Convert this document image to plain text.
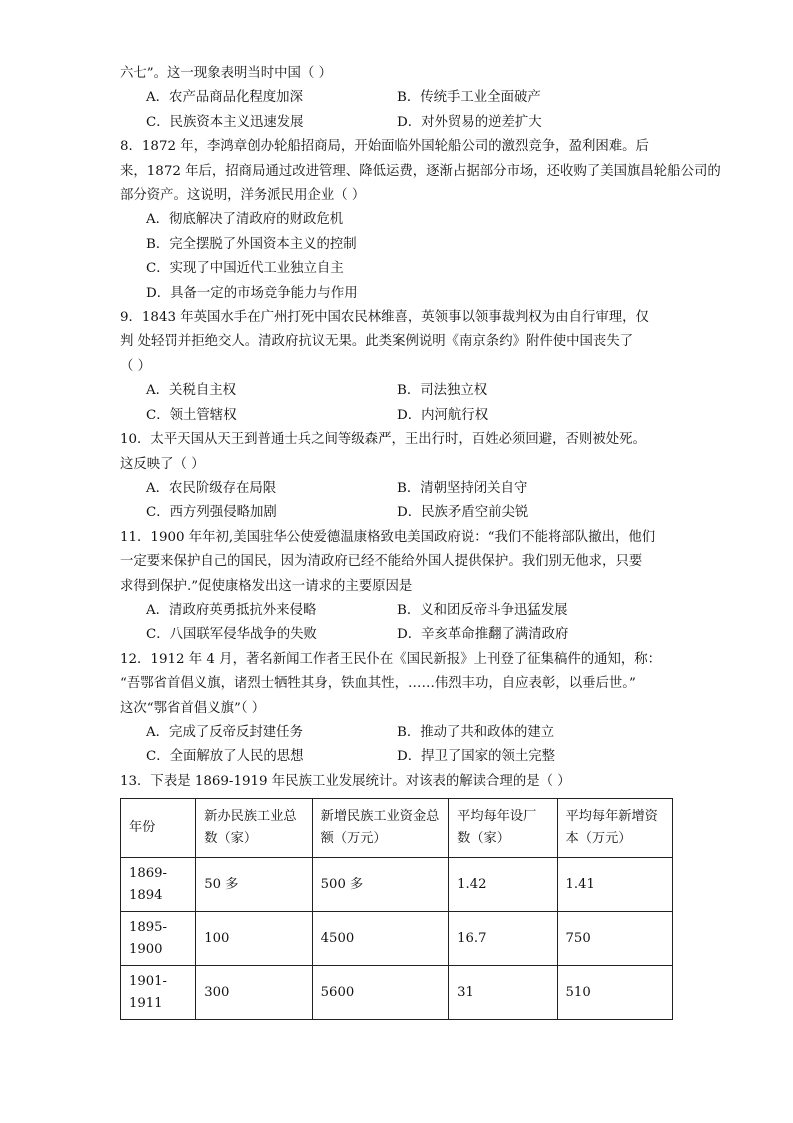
六七”。这一现象表明当时中国（ ）
A．农产品商品化程度加深	B．传统手工业全面破产
C．民族资本主义迅速发展	D．对外贸易的逆差扩大
8．1872 年，李鸿章创办轮船招商局，开始面临外国轮船公司的激烈竞争，盈利困难。后
来，1872 年后，招商局通过改进管理、降低运费，逐渐占据部分市场，还收购了美国旗昌轮船公司的
部分资产。这说明，洋务派民用企业（ ）
A．彻底解决了清政府的财政危机
B．完全摆脱了外国资本主义的控制
C．实现了中国近代工业独立自主
D．具备一定的市场竞争能力与作用
9．1843 年英国水手在广州打死中国农民林维喜，英领事以领事裁判权为由自行审理，仅
判 处轻罚并拒绝交人。清政府抗议无果。此类案例说明《南京条约》附件使中国丧失了
（ ）
A．关税自主权	B．司法独立权
C．领土管辖权	D．内河航行权
10．太平天国从天王到普通士兵之间等级森严，王出行时，百姓必须回避，否则被处死。
这反映了（ ）
A．农民阶级存在局限	B．清朝坚持闭关自守
C．西方列强侵略加剧	D．民族矛盾空前尖锐
11．1900 年年初,美国驻华公使爱德温康格致电美国政府说：“我们不能将部队撤出，他们
一定要来保护自己的国民，因为清政府已经不能给外国人提供保护。我们别无他求，只要
求得到保护.”促使康格发出这一请求的主要原因是
A．清政府英勇抵抗外来侵略	B．义和团反帝斗争迅猛发展
C．八国联军侵华战争的失败	D．辛亥革命推翻了满清政府
12．1912 年 4 月，著名新闻工作者王民仆在《国民新报》上刊登了征集稿件的通知，称：
“吾鄂省首倡义旗，诸烈士牺牲其身，铁血其性，……伟烈丰功，自应表彰，以垂后世。”
这次“鄂省首倡义旗”（ ）
A．完成了反帝反封建任务	B．推动了共和政体的建立
C．全面解放了人民的思想	D．捍卫了国家的领土完整
13．下表是 1869-1919 年民族工业发展统计。对该表的解读合理的是（ ）
年份	新办民族工业总数（家）	新增民族工业资金总额（万元）	平均每年设厂数（家）	平均每年新增资本（万元）
1869-1894	50 多	500 多	1.42	1.41
1895-1900	100	4500	16.7	750
1901-1911	300	5600	31	510
